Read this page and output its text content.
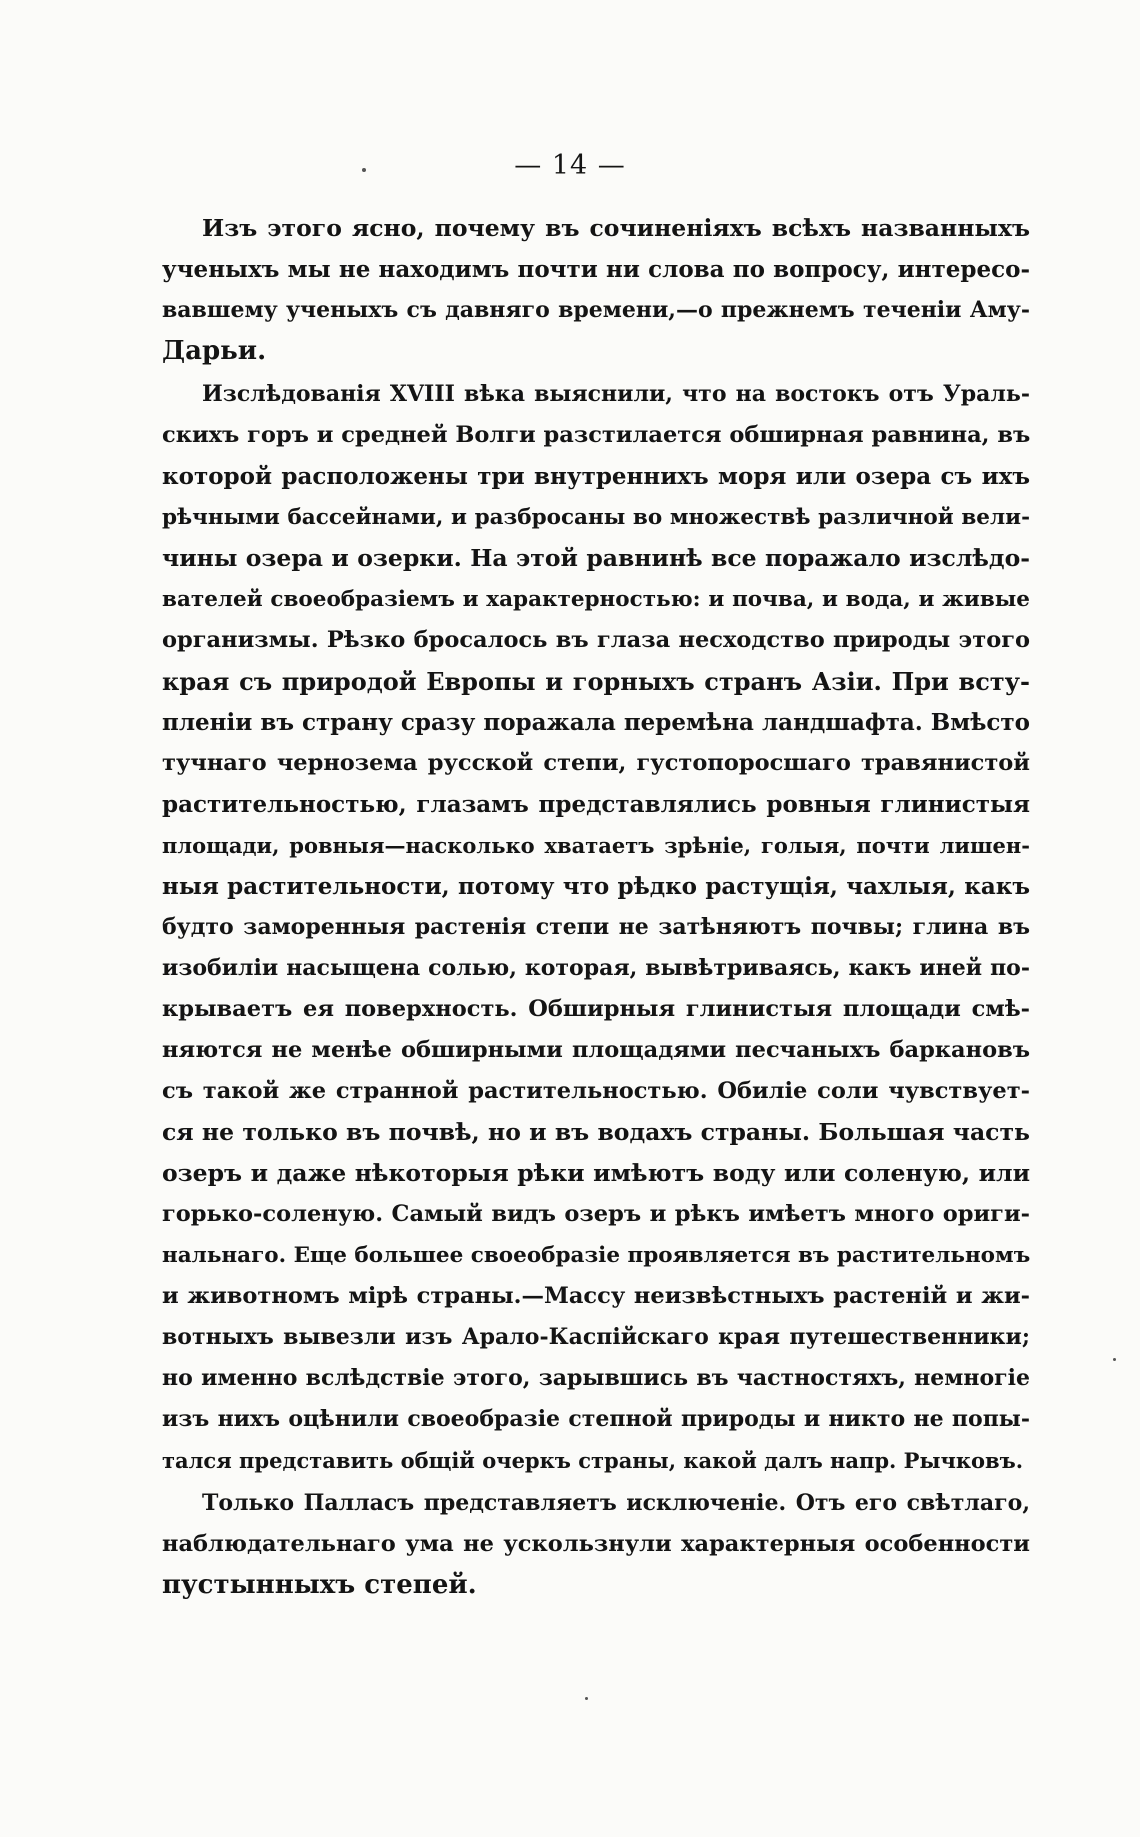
— 14 —
Изъ этого ясно, почему въ сочиненіяхъ всѣхъ названныхъ
ученыхъ мы не находимъ почти ни слова по вопросу, интересо-
вавшему ученыхъ съ давняго времени,—о прежнемъ теченіи Аму-
Дарьи.
Изслѣдованія XVIII вѣка выяснили, что на востокъ отъ Ураль-
скихъ горъ и средней Волги разстилается обширная равнина, въ
которой расположены три внутреннихъ моря или озера съ ихъ
рѣчными бассейнами, и разбросаны во множествѣ различной вели-
чины озера и озерки. На этой равнинѣ все поражало изслѣдо-
вателей своеобразіемъ и характерностью: и почва, и вода, и живые
организмы. Рѣзко бросалось въ глаза несходство природы этого
края съ природой Европы и горныхъ странъ Азіи. При всту-
пленіи въ страну сразу поражала перемѣна ландшафта. Вмѣсто
тучнаго чернозема русской степи, густопоросшаго травянистой
растительностью, глазамъ представлялись ровныя глинистыя
площади, ровныя—насколько хватаетъ зрѣніе, голыя, почти лишен-
ныя растительности, потому что рѣдко растущія, чахлыя, какъ
будто заморенныя растенія степи не затѣняютъ почвы; глина въ
изобиліи насыщена солью, которая, вывѣтриваясь, какъ иней по-
крываетъ ея поверхность. Обширныя глинистыя площади смѣ-
няются не менѣе обширными площадями песчаныхъ баркановъ
съ такой же странной растительностью. Обиліе соли чувствует-
ся не только въ почвѣ, но и въ водахъ страны. Большая часть
озеръ и даже нѣкоторыя рѣки имѣютъ воду или соленую, или
горько-соленую. Самый видъ озеръ и рѣкъ имѣетъ много ориги-
нальнаго. Еще большее своеобразіе проявляется въ растительномъ
и животномъ мірѣ страны.—Массу неизвѣстныхъ растеній и жи-
вотныхъ вывезли изъ Арало-Каспійскаго края путешественники;
но именно вслѣдствіе этого, зарывшись въ частностяхъ, немногіе
изъ нихъ оцѣнили своеобразіе степной природы и никто не попы-
тался представить общій очеркъ страны, какой далъ напр. Рычковъ.
Только Палласъ представляетъ исключеніе. Отъ его свѣтлаго,
наблюдательнаго ума не ускользнули характерныя особенности
пустынныхъ степей.
